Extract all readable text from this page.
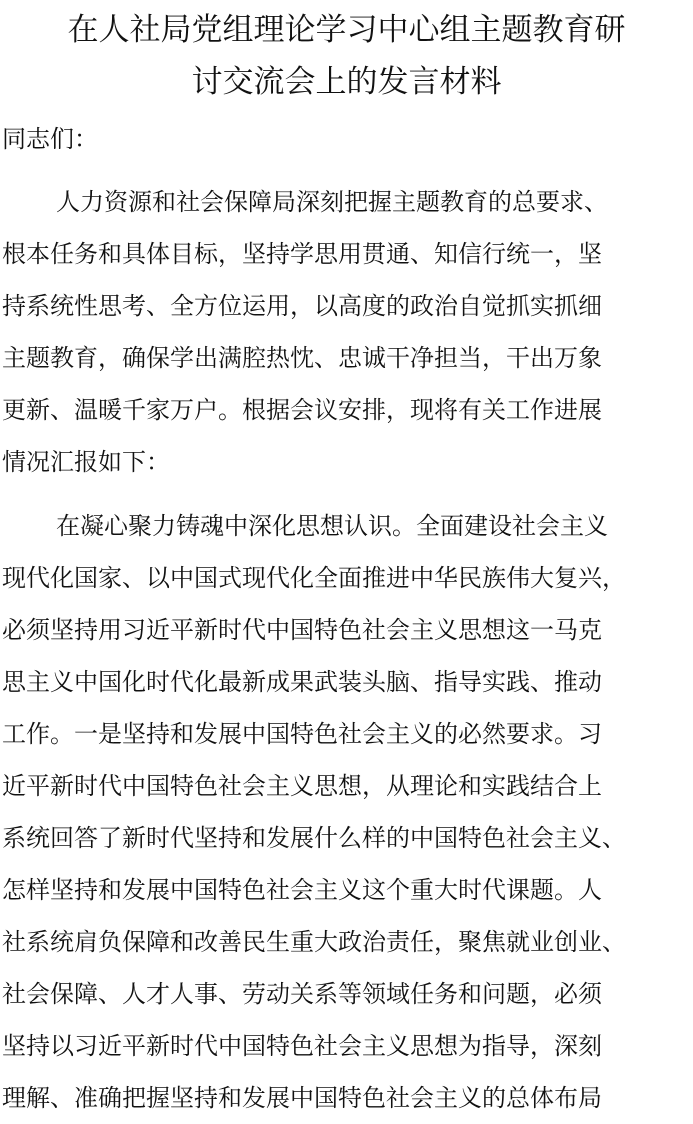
在人社局党组理论学习中心组主题教育研
讨交流会上的发言材料
同志们：
人力资源和社会保障局深刻把握主题教育的总要求、
根本任务和具体目标，坚持学思用贯通、知信行统一，坚
持系统性思考、全方位运用，以高度的政治自觉抓实抓细
主题教育，确保学出满腔热忱、忠诚干净担当，干出万象
更新、温暖千家万户。根据会议安排，现将有关工作进展
情况汇报如下：
在凝心聚力铸魂中深化思想认识。全面建设社会主义
现代化国家、以中国式现代化全面推进中华民族伟大复兴，
必须坚持用习近平新时代中国特色社会主义思想这一马克
思主义中国化时代化最新成果武装头脑、指导实践、推动
工作。一是坚持和发展中国特色社会主义的必然要求。习
近平新时代中国特色社会主义思想，从理论和实践结合上
系统回答了新时代坚持和发展什么样的中国特色社会主义、
怎样坚持和发展中国特色社会主义这个重大时代课题。人
社系统肩负保障和改善民生重大政治责任，聚焦就业创业、
社会保障、人才人事、劳动关系等领域任务和问题，必须
坚持以习近平新时代中国特色社会主义思想为指导，深刻
理解、准确把握坚持和发展中国特色社会主义的总体布局
